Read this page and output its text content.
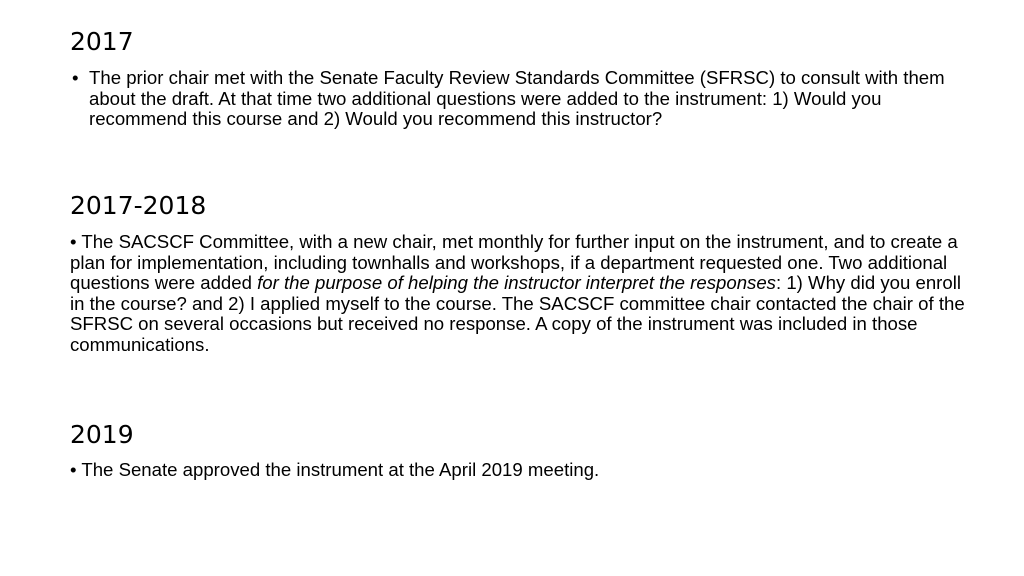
2017

• The prior chair met with the Senate Faculty Review Standards Committee (SFRSC) to consult with them about the draft. At that time two additional questions were added to the instrument: 1) Would you recommend this course and 2) Would you recommend this instructor?

2017-2018

• The SACSCF Committee, with a new chair, met monthly for further input on the instrument, and to create a plan for implementation, including townhalls and workshops, if a department requested one. Two additional questions were added for the purpose of helping the instructor interpret the responses: 1) Why did you enroll in the course? and 2) I applied myself to the course. The SACSCF committee chair contacted the chair of the SFRSC on several occasions but received no response. A copy of the instrument was included in those communications.

2019

• The Senate approved the instrument at the April 2019 meeting.
